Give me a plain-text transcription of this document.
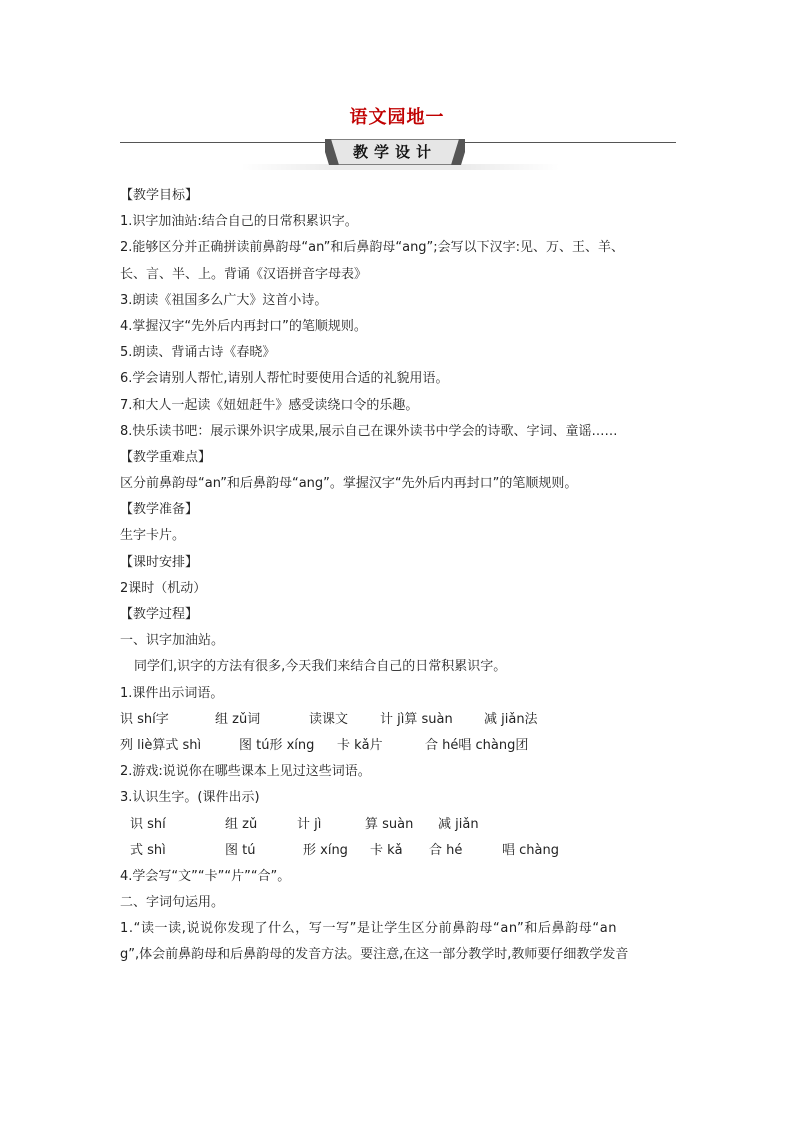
语文园地一
教学设计
【教学目标】
1.识字加油站:结合自己的日常积累识字。
2.能够区分并正确拼读前鼻韵母“an”和后鼻韵母“ang”;会写以下汉字:见、万、王、羊、
长、言、半、上。背诵《汉语拼音字母表》
3.朗读《祖国多么广大》这首小诗。
4.掌握汉字“先外后内再封口”的笔顺规则。
5.朗读、背诵古诗《春晓》
6.学会请别人帮忙,请别人帮忙时要使用合适的礼貌用语。
7.和大人一起读《妞妞赶牛》感受读绕口令的乐趣。
8.快乐读书吧：展示课外识字成果,展示自己在课外读书中学会的诗歌、字词、童谣……
【教学重难点】
区分前鼻韵母“an”和后鼻韵母“ang”。掌握汉字“先外后内再封口”的笔顺规则。
【教学准备】
生字卡片。
【课时安排】
2课时（机动）
【教学过程】
一、识字加油站。
同学们,识字的方法有很多,今天我们来结合自己的日常积累识字。
1.课件出示词语。
识 shí字	组 zǔ词	读课文 计 jì算 suàn 减 jiǎn法
列 liè算式 shì	图 tú形 xíng 卡 kǎ片	合 hé唱 chàng团
2.游戏:说说你在哪些课本上见过这些词语。
3.认识生字。(课件出示)
识 shí	组 zǔ	计 jì	算 suàn 减 jiǎn
式 shì	图 tú	形 xíng 卡 kǎ 合 hé	唱 chàng
4.学会写“文”“卡”“片”“合”。
二、字词句运用。
1.“读一读,说说你发现了什么，写一写”是让学生区分前鼻韵母“an”和后鼻韵母“an
g”,体会前鼻韵母和后鼻韵母的发音方法。要注意,在这一部分教学时,教师要仔细教学发音
